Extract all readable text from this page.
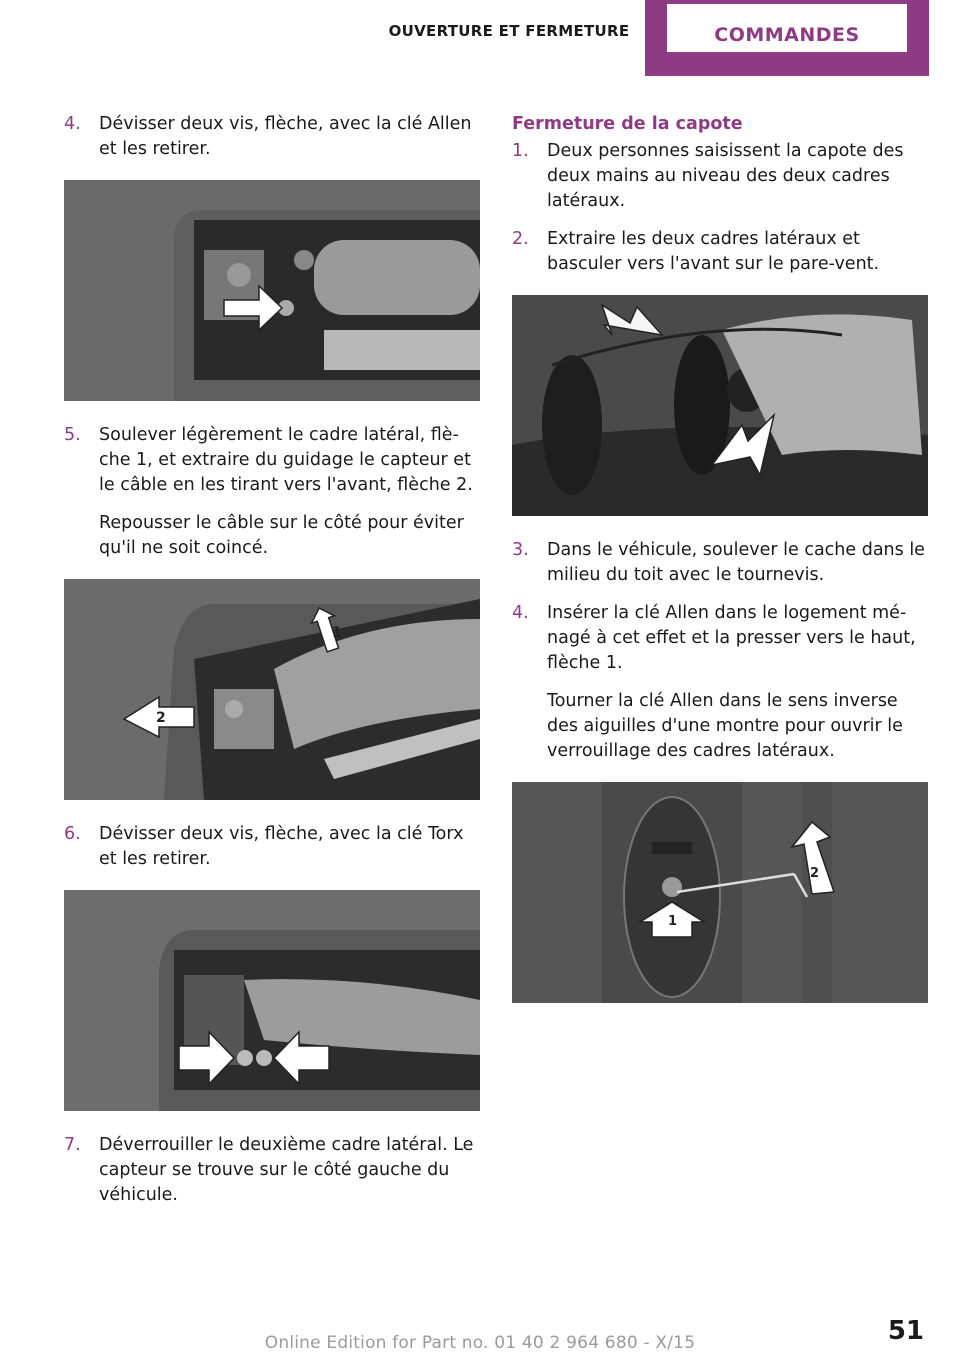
OUVERTURE ET FERMETURE	COMMANDES
4.	Dévisser deux vis, flèche, avec la clé Allen et les retirer.

5.	Soulever légèrement le cadre latéral, flèche 1, et extraire du guidage le capteur et le câble en les tirant vers l'avant, flèche 2.

Repousser le câble sur le côté pour éviter qu'il ne soit coincé.

1
2
6.	Dévisser deux vis, flèche, avec la clé Torx et les retirer.

7.	Déverrouiller le deuxième cadre latéral. Le capteur se trouve sur le côté gauche du véhicule.

Fermeture de la capote
1.	Deux personnes saisissent la capote des deux mains au niveau des deux cadres latéraux.

2.	Extraire les deux cadres latéraux et basculer vers l'avant sur le pare-vent.

3.	Dans le véhicule, soulever le cache dans le milieu du toit avec le tournevis.

4.	Insérer la clé Allen dans le logement ménagé à cet effet et la presser vers le haut, flèche 1.

Tourner la clé Allen dans le sens inverse des aiguilles d'une montre pour ouvrir le verrouillage des cadres latéraux.

1
2
51
Online Edition for Part no. 01 40 2 964 680 - X/15
